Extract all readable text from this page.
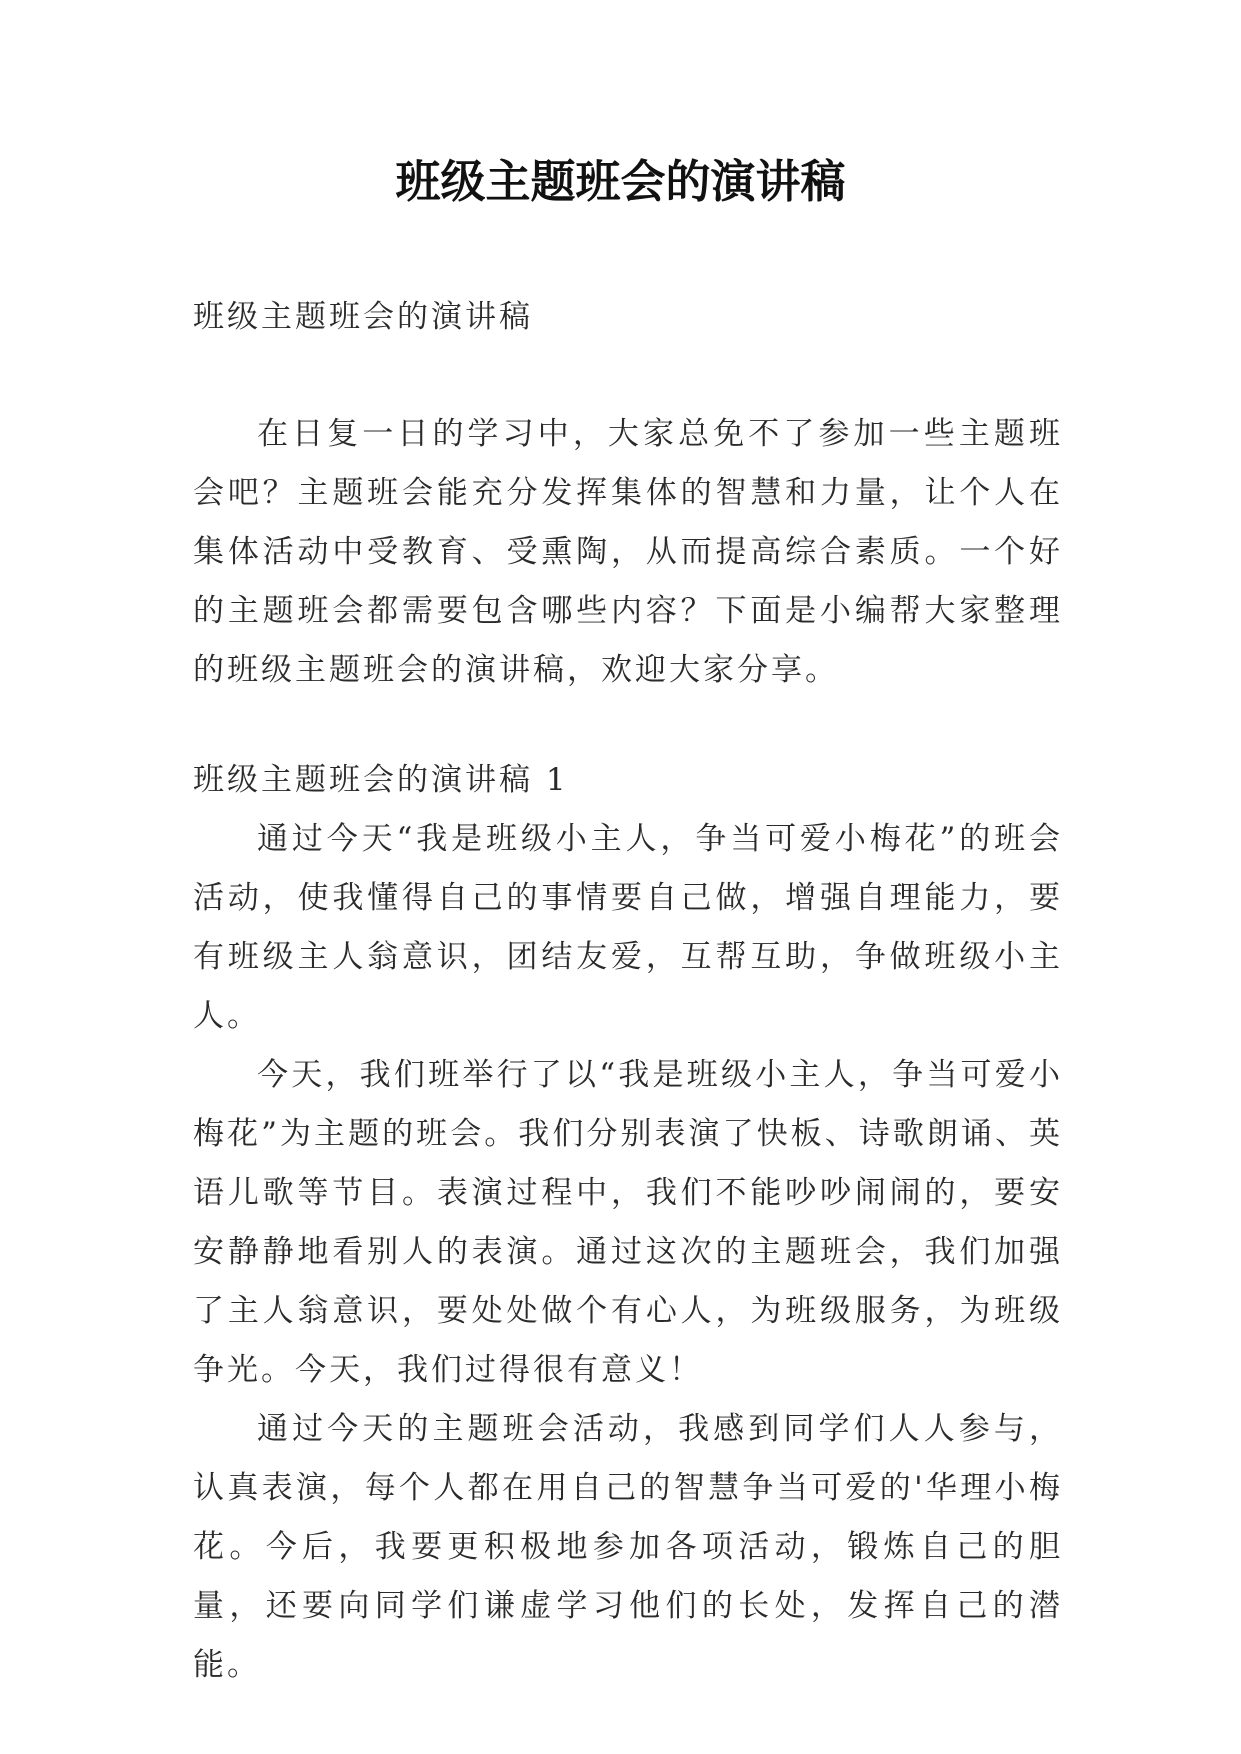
班级主题班会的演讲稿
班级主题班会的演讲稿

在日复一日的学习中，大家总免不了参加一些主题班会吧？主题班会能充分发挥集体的智慧和力量，让个人在集体活动中受教育、受熏陶，从而提高综合素质。一个好的主题班会都需要包含哪些内容？下面是小编帮大家整理的班级主题班会的演讲稿，欢迎大家分享。

班级主题班会的演讲稿 1

通过今天“我是班级小主人，争当可爱小梅花”的班会活动，使我懂得自己的事情要自己做，增强自理能力，要有班级主人翁意识，团结友爱，互帮互助，争做班级小主人。

今天，我们班举行了以“我是班级小主人，争当可爱小梅花”为主题的班会。我们分别表演了快板、诗歌朗诵、英语儿歌等节目。表演过程中，我们不能吵吵闹闹的，要安安静静地看别人的表演。通过这次的主题班会，我们加强了主人翁意识，要处处做个有心人，为班级服务，为班级争光。今天，我们过得很有意义！

通过今天的主题班会活动，我感到同学们人人参与，认真表演，每个人都在用自己的智慧争当可爱的'华理小梅花。今后，我要更积极地参加各项活动，锻炼自己的胆量，还要向同学们谦虚学习他们的长处，发挥自己的潜能。
